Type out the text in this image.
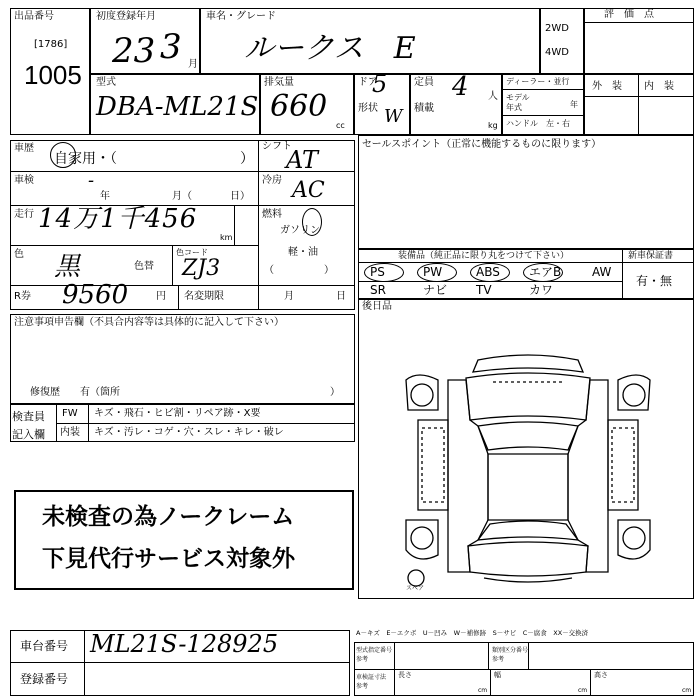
出品番号
[1786]
1005
初度登録年月
23 3 月
車名・グレード
ルークス　E
2WD
4WD
評　価　点
型式
DBA-ML21S
排気量
660
cc
ドア
5
形状 W
定員 4 人
積載
kg
ディーラー・並行
モデル
年式	年
ハンドル　左・右
外　装 内　装
車歴
自家用・（	）
車検	-
年	月（	日）
走行 14万1千456
km
色 黒	色替
色コード
ZJ3
シフト
AT
冷房 AC
燃料
ガソリン
軽・油
（　　　　　）
R券 9560	円 名変期限	月	日
注意事項申告欄（不具合内容等は具体的に記入して下さい）
修復歴　　有（箇所	）
検査員
記入欄
FW キズ・飛石・ヒビ割・リペア跡・X要
内装 キズ・汚レ・コゲ・穴・スレ・キレ・破レ
未検査の為ノークレーム
下見代行サービス対象外
セールスポイント（正常に機能するものに限ります）
装備品（純正品に限り丸をつけて下さい）	新車保証書
有・無
PS	PW	ABS エアB	AW
SR	ナビ TV	カワ
後日品
スペア
車台番号 ML21S-128925
登録番号
A－キズ　E－エクボ　U－凹み　W－補修跡　S－サビ　C－腐食　XX－交換済
型式指定番号
参考
類別区分番号
参考
車検証寸法
参考
長さ	幅	高さ
cm	cm	cm
